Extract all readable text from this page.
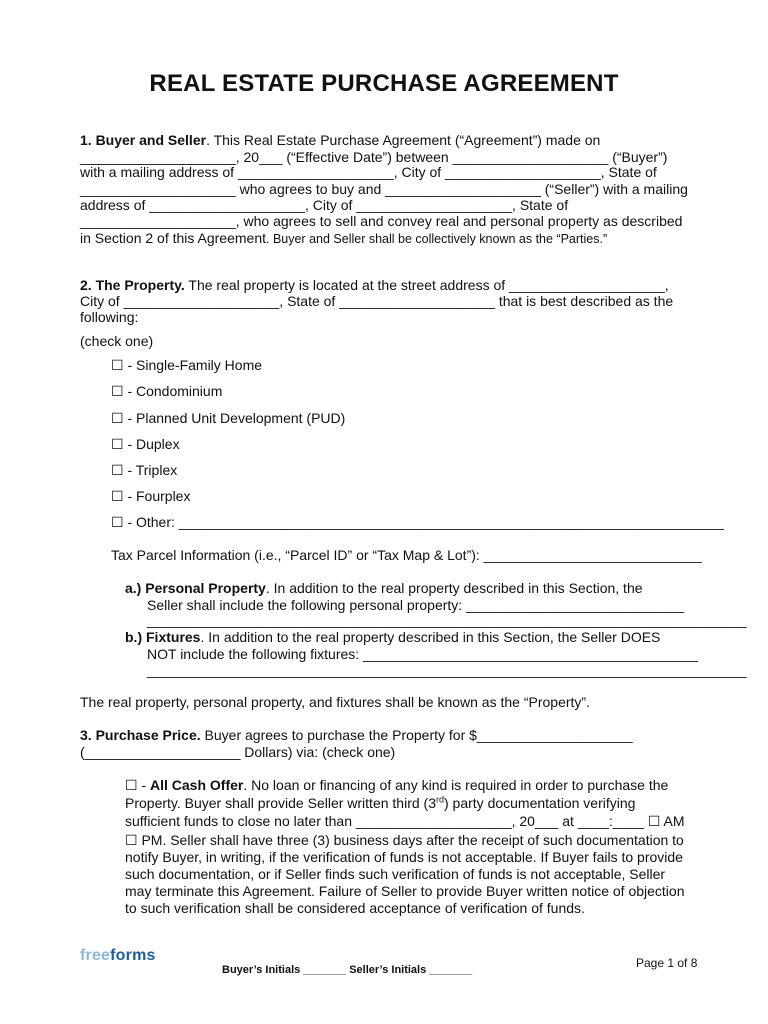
REAL ESTATE PURCHASE AGREEMENT
1. Buyer and Seller. This Real Estate Purchase Agreement (“Agreement”) made on
____________________, 20___ (“Effective Date”) between ____________________ (“Buyer”)
with a mailing address of ____________________, City of ____________________, State of
____________________ who agrees to buy and ____________________ (“Seller”) with a mailing
address of ____________________, City of ____________________, State of
____________________, who agrees to sell and convey real and personal property as described
in Section 2 of this Agreement. Buyer and Seller shall be collectively known as the “Parties.”
2. The Property. The real property is located at the street address of ____________________,
City of ____________________, State of ____________________ that is best described as the
following:
(check one)
☐ - Single-Family Home
☐ - Condominium
☐ - Planned Unit Development (PUD)
☐ - Duplex
☐ - Triplex
☐ - Fourplex
☐ - Other: ______________________________________________________________________
Tax Parcel Information (i.e., “Parcel ID” or “Tax Map & Lot”): ____________________________
a.) Personal Property. In addition to the real property described in this Section, the
Seller shall include the following personal property: ____________________________
_____________________________________________________________________________
b.) Fixtures. In addition to the real property described in this Section, the Seller DOES
NOT include the following fixtures: ___________________________________________
_____________________________________________________________________________
The real property, personal property, and fixtures shall be known as the “Property”.
3. Purchase Price. Buyer agrees to purchase the Property for $____________________
(____________________ Dollars) via: (check one)
☐ - All Cash Offer. No loan or financing of any kind is required in order to purchase the
Property. Buyer shall provide Seller written third (3rd) party documentation verifying
sufficient funds to close no later than ____________________, 20___ at ____:____ ☐ AM
☐ PM. Seller shall have three (3) business days after the receipt of such documentation to
notify Buyer, in writing, if the verification of funds is not acceptable. If Buyer fails to provide
such documentation, or if Seller finds such verification of funds is not acceptable, Seller
may terminate this Agreement. Failure of Seller to provide Buyer written notice of objection
to such verification shall be considered acceptance of verification of funds.
freeforms
Buyer’s Initials _______ Seller’s Initials _______	Page 1 of 8
